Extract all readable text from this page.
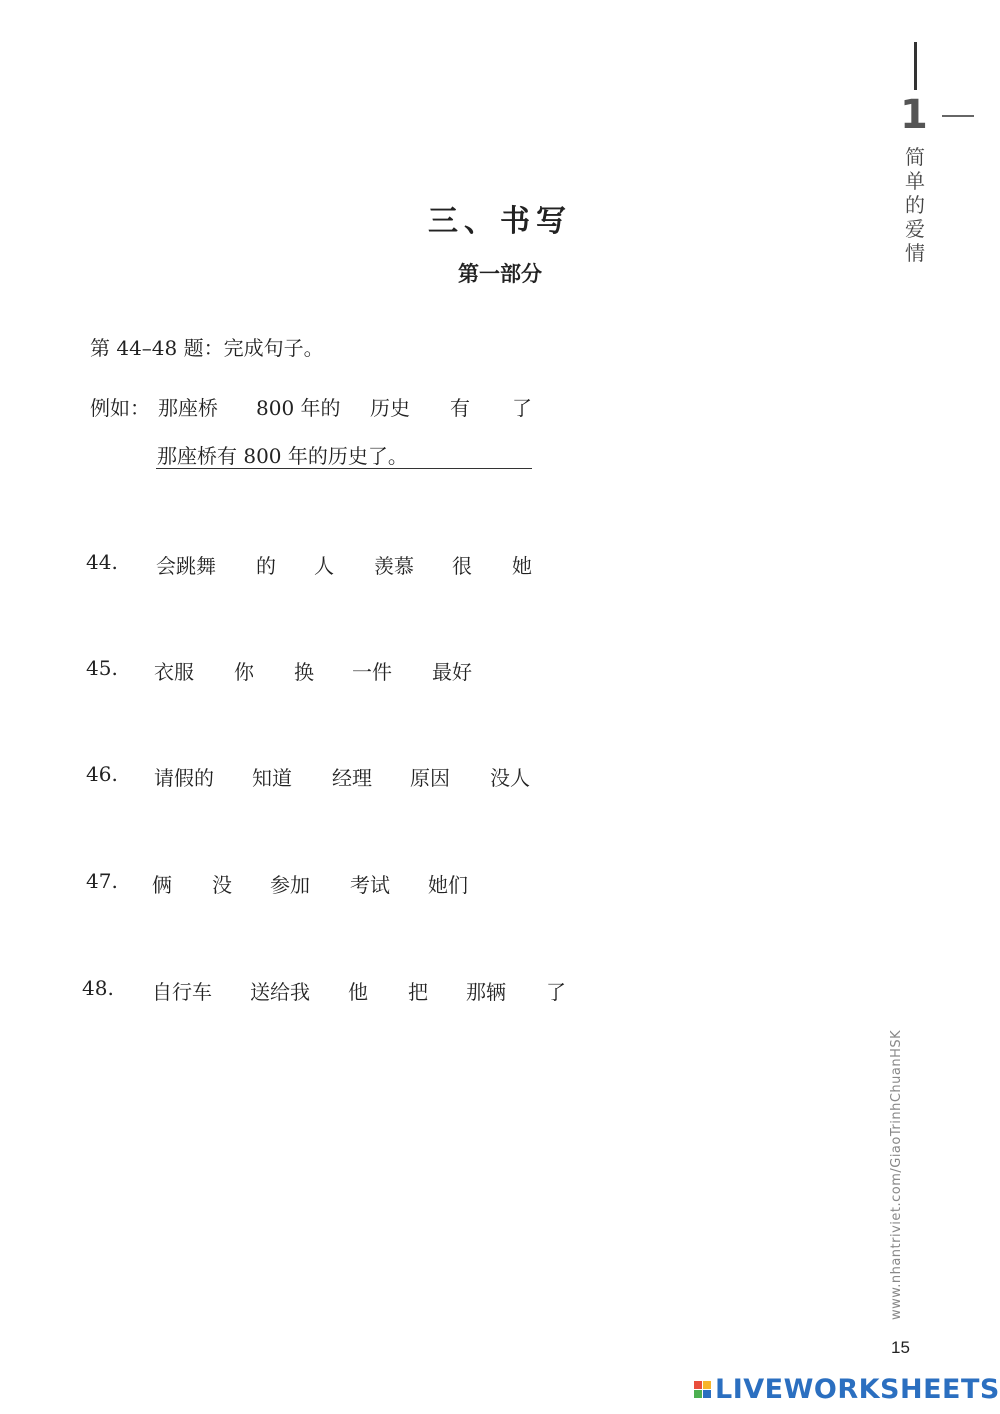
1
简
单
的
爱
情
三、书写
第一部分
第 44–48 题：完成句子。
例如： 那座桥 800 年的 历史 有 了
那座桥有 800 年的历史了。
44. 会跳舞 的 人 羡慕 很 她
45. 衣服 你 换 一件 最好
46. 请假的 知道 经理 原因 没人
47. 俩 没 参加 考试 她们
48. 自行车 送给我 他 把 那辆 了
www.nhantriviet.com/GiaoTrinhChuanHSK
15
LIVEWORKSHEETS
